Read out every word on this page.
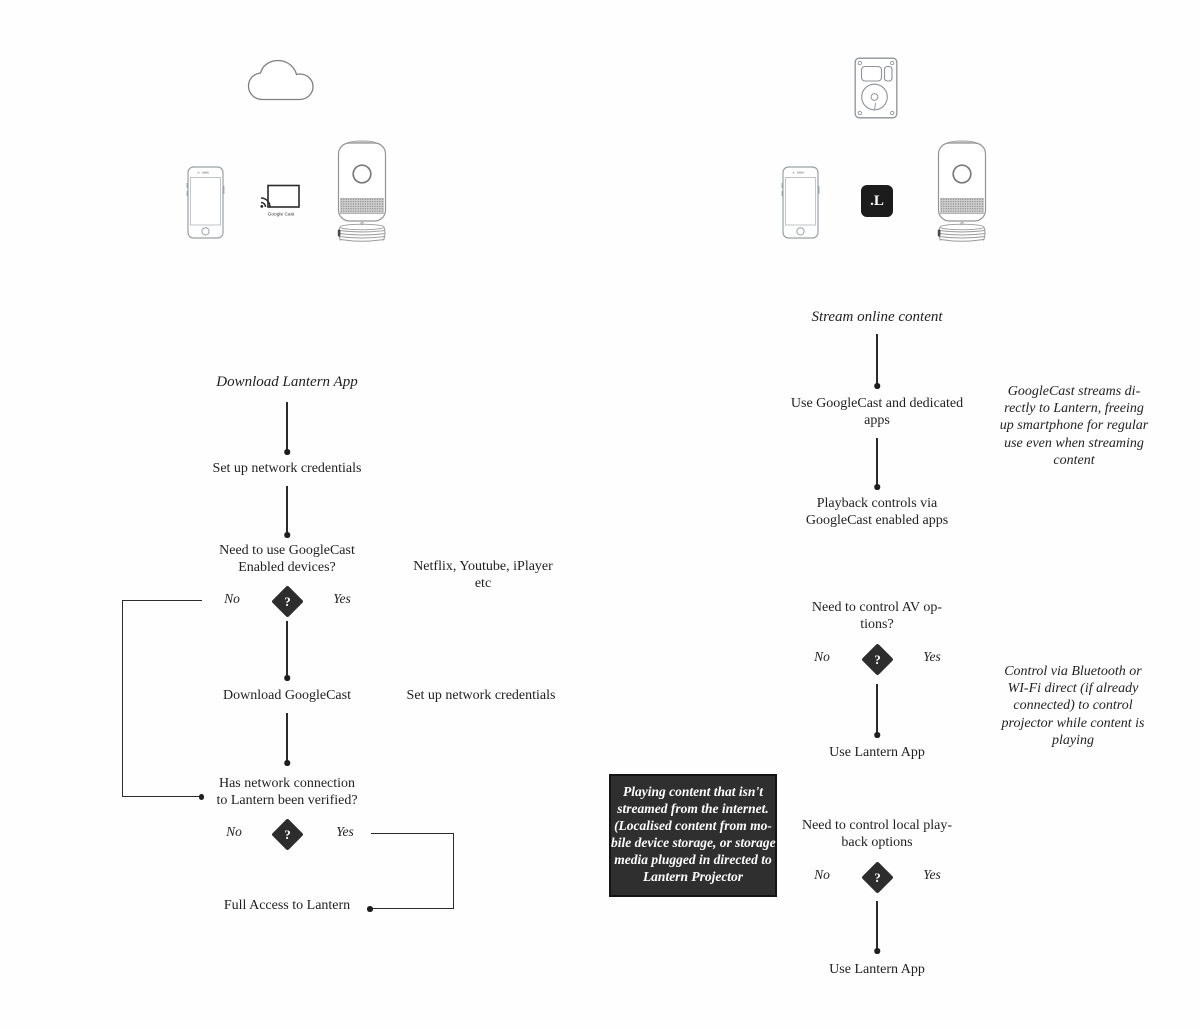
Google Cast
.L
Download Lantern App
Set up network credentials
Need to use GoogleCast
Enabled devices?	Netflix, Youtube, iPlayer
etc
No	?	Yes
Download GoogleCast	Set up network credentials
Has network connection
to Lantern been verified?
No	?	Yes
Full Access to Lantern
Stream online content
Use GoogleCast and dedicated
apps
GoogleCast streams di-
rectly to Lantern, freeing
up smartphone for regular
use even when streaming
content
Playback controls via
GoogleCast enabled apps
Need to control AV op-
tions?
No	?	Yes
Control via Bluetooth or
WI-Fi direct (if already
connected) to control
projector while content is
playing
Use Lantern App
Playing content that isn't
streamed from the internet.
(Localised content from mo-
bile device storage, or storage
media plugged in directed to
Lantern Projector
Need to control local play-
back options
No	?	Yes
Use Lantern App
